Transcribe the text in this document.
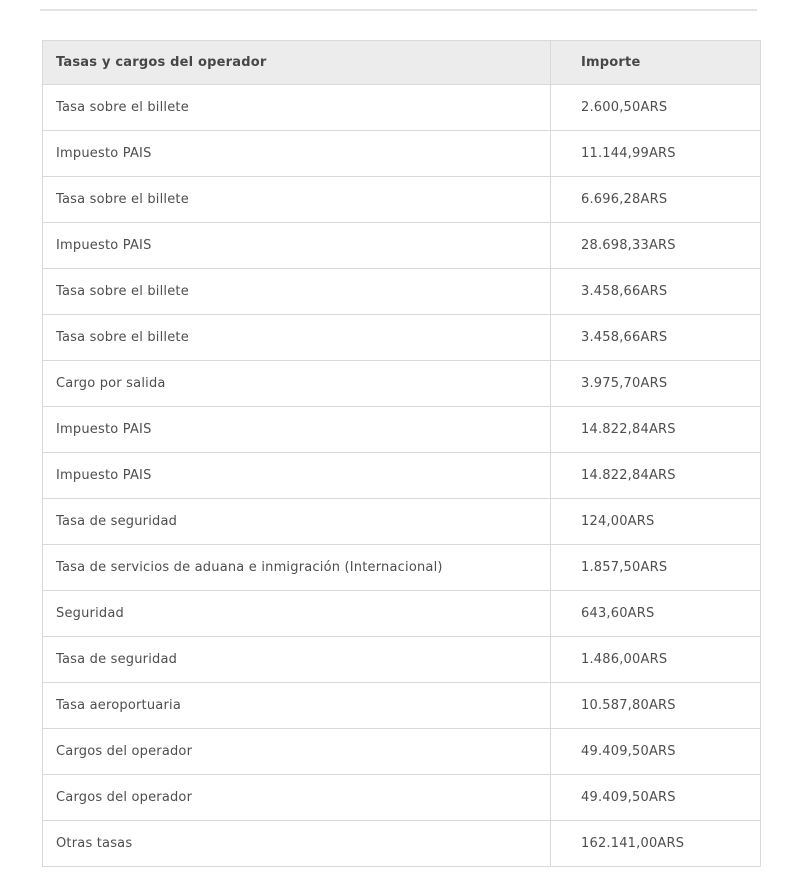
Tasas y cargos del operador	Importe
Tasa sobre el billete	2.600,50ARS
Impuesto PAIS	11.144,99ARS
Tasa sobre el billete	6.696,28ARS
Impuesto PAIS	28.698,33ARS
Tasa sobre el billete	3.458,66ARS
Tasa sobre el billete	3.458,66ARS
Cargo por salida	3.975,70ARS
Impuesto PAIS	14.822,84ARS
Impuesto PAIS	14.822,84ARS
Tasa de seguridad	124,00ARS
Tasa de servicios de aduana e inmigración (Internacional)	1.857,50ARS
Seguridad	643,60ARS
Tasa de seguridad	1.486,00ARS
Tasa aeroportuaria	10.587,80ARS
Cargos del operador	49.409,50ARS
Cargos del operador	49.409,50ARS
Otras tasas	162.141,00ARS
